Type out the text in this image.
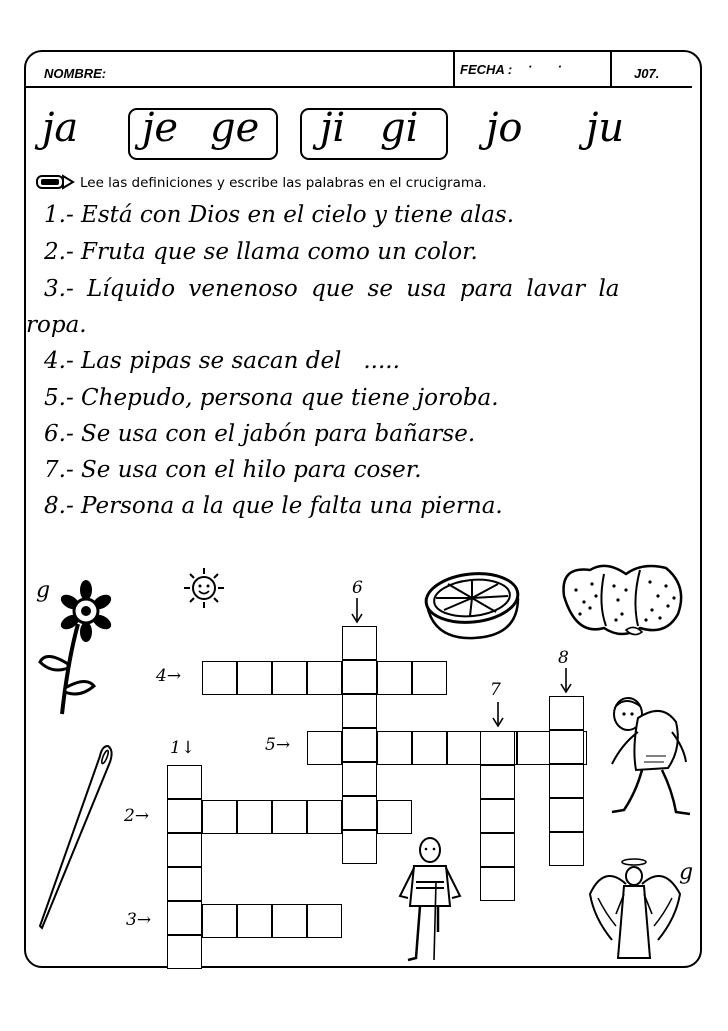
NOMBRE:	FECHA : ·       ·	J07.
ja je ge ji gi jo ju
Lee las definiciones y escribe las palabras en el crucigrama.
1.- Está con Dios en el cielo y tiene alas.
2.- Fruta que se llama como un color.
3.- Líquido venenoso que se usa para lavar la
ropa.
4.- Las pipas se sacan del   .....
5.- Chepudo, persona que tiene joroba.
6.- Se usa con el jabón para bañarse.
7.- Se usa con el hilo para coser.
8.- Persona a la que le falta una pierna.
4→
5→
1↓
2→
3→
6
7
8
g
g
